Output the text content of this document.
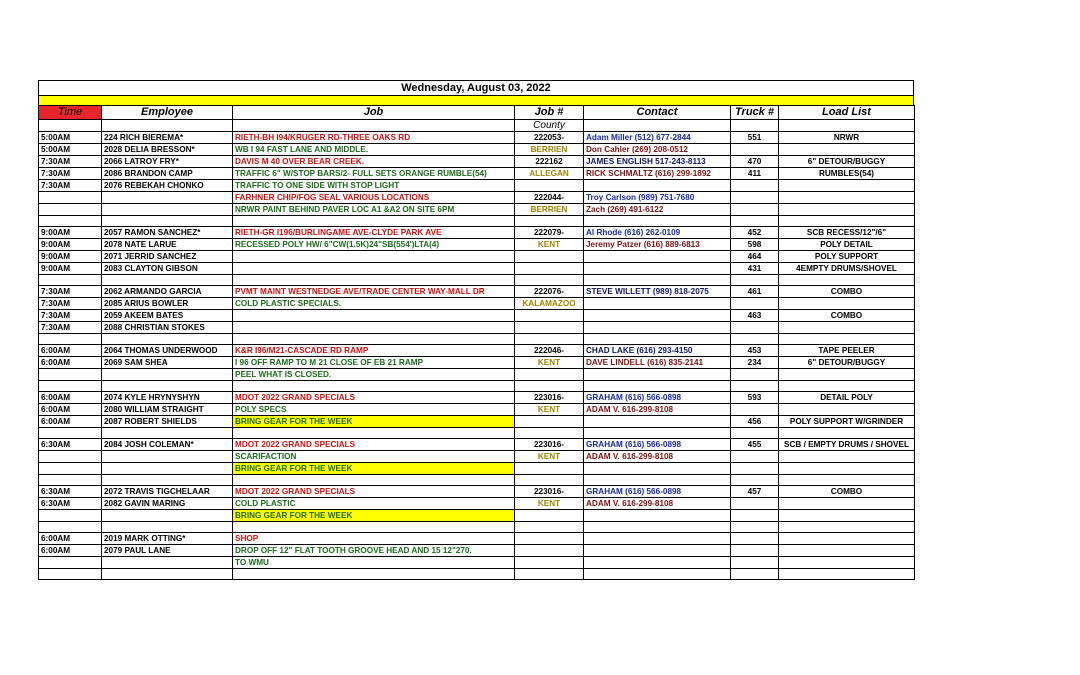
Wednesday, August 03, 2022
Time	Employee	Job	Job #	Contact	Truck #	Load List
			County			
5:00AM	224 RICH BIEREMA*	RIETH-BH I94/KRUGER RD-THREE OAKS RD	222053-	Adam Miller (512) 677-2844	551	NRWR
5:00AM	2028 DELIA BRESSON*	WB I 94 FAST LANE AND MIDDLE.	BERRIEN	Don Cahler (269) 208-0512		
7:30AM	2066 LATROY FRY*	DAVIS M 40 OVER BEAR CREEK.	222162	JAMES ENGLISH 517-243-8113	470	6" DETOUR/BUGGY
7:30AM	2086 BRANDON CAMP	TRAFFIC 6" W/STOP BARS/2- FULL SETS ORANGE RUMBLE(54)	ALLEGAN	RICK SCHMALTZ (616) 299-1892	411	RUMBLES(54)
7:30AM	2076 REBEKAH CHONKO	TRAFFIC TO ONE SIDE WITH STOP LIGHT				
		FARHNER CHIP/FOG SEAL VARIOUS LOCATIONS	222044-	Troy Carlson (989) 751-7680		
		NRWR PAINT BEHIND PAVER LOC A1 &A2 ON SITE 6PM	BERRIEN	Zach (269) 491-6122		

9:00AM	2057 RAMON SANCHEZ*	RIETH-GR I196/BURLINGAME AVE-CLYDE PARK AVE	222079-	Al Rhode (616) 262-0109	452	SCB RECESS/12"/6"
9:00AM	2078 NATE LARUE	RECESSED POLY HW/ 6"CW(1.5K)24"SB(554')LTA(4)	KENT	Jeremy Patzer (616) 889-6813	598	POLY DETAIL
9:00AM	2071 JERRID SANCHEZ				464	POLY SUPPORT
9:00AM	2083 CLAYTON GIBSON				431	4EMPTY DRUMS/SHOVEL

7:30AM	2062 ARMANDO GARCIA	PVMT MAINT WESTNEDGE AVE/TRADE CENTER WAY-MALL DR	222076-	STEVE WILLETT (989) 818-2075	461	COMBO
7:30AM	2085 ARIUS BOWLER	COLD PLASTIC SPECIALS.	KALAMAZOO			
7:30AM	2059 AKEEM BATES				463	COMBO
7:30AM	2088 CHRISTIAN STOKES					

6:00AM	2064 THOMAS UNDERWOOD	K&R I96/M21-CASCADE RD RAMP	222046-	CHAD LAKE (616) 293-4150	453	TAPE PEELER
6:00AM	2069 SAM SHEA	I 96 OFF RAMP TO M 21 CLOSE OF EB 21 RAMP	KENT	DAVE LINDELL (616) 835-2141	234	6" DETOUR/BUGGY
		PEEL WHAT IS CLOSED.				

6:00AM	2074 KYLE HRYNYSHYN	MDOT 2022 GRAND SPECIALS	223016-	GRAHAM (616) 566-0898	593	DETAIL POLY
6:00AM	2080 WILLIAM STRAIGHT	POLY SPECS	KENT	ADAM V. 616-299-8108		
6:00AM	2087 ROBERT SHIELDS	BRING GEAR FOR THE WEEK			456	POLY SUPPORT W/GRINDER

6:30AM	2084 JOSH COLEMAN*	MDOT 2022 GRAND SPECIALS	223016-	GRAHAM (616) 566-0898	455	SCB / EMPTY DRUMS / SHOVEL
		SCARIFACTION	KENT	ADAM V. 616-299-8108		
		BRING GEAR FOR THE WEEK				

6:30AM	2072 TRAVIS TIGCHELAAR	MDOT 2022 GRAND SPECIALS	223016-	GRAHAM (616) 566-0898	457	COMBO
6:30AM	2082 GAVIN MARING	COLD PLASTIC	KENT	ADAM V. 616-299-8108		
		BRING GEAR FOR THE WEEK				

6:00AM	2019 MARK OTTING*	SHOP				
6:00AM	2079 PAUL LANE	DROP OFF 12" FLAT TOOTH GROOVE HEAD AND 15 12"270.				
		TO WMU				
